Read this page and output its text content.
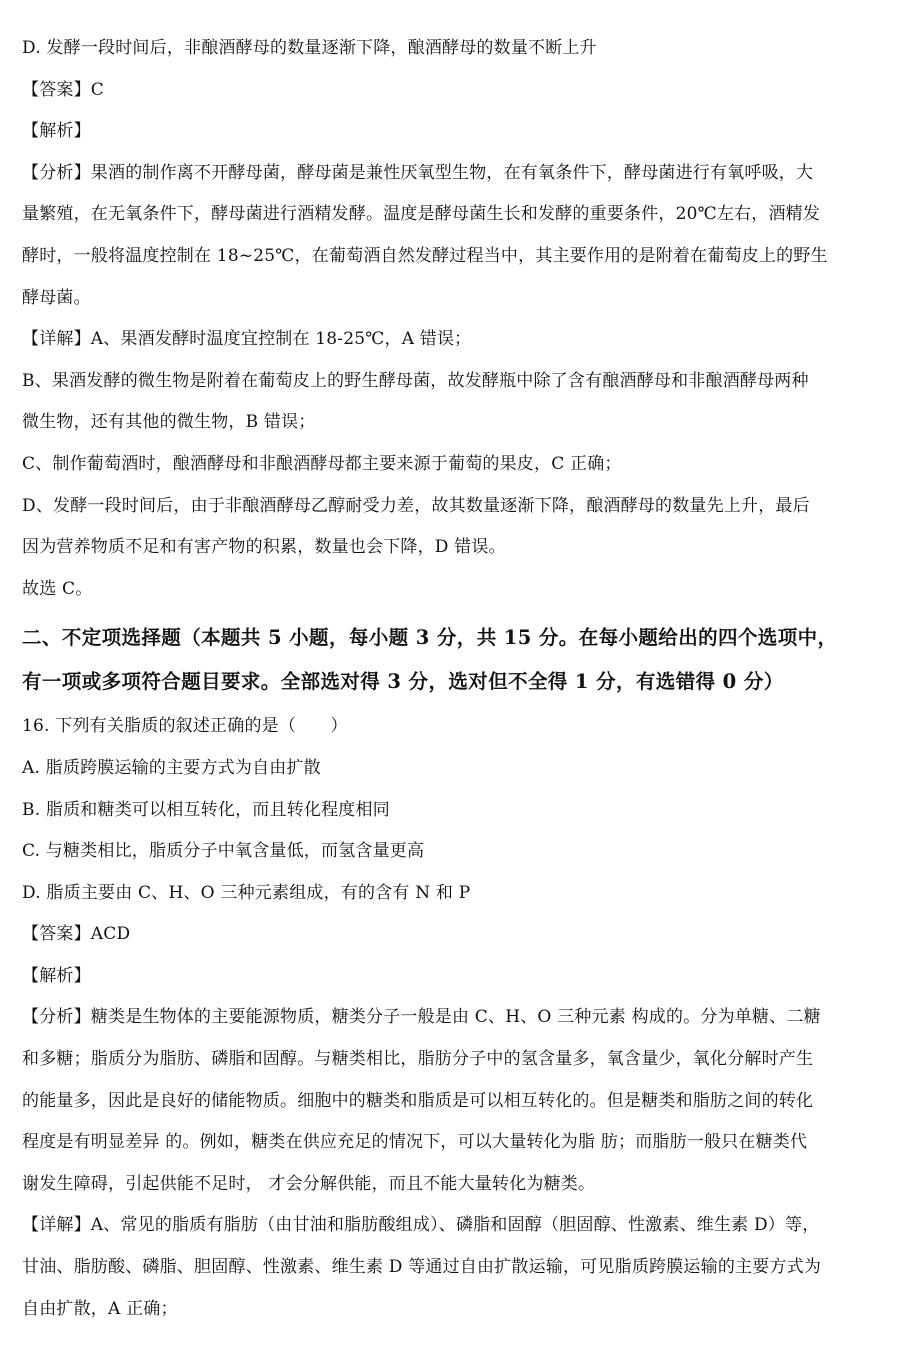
D. 发酵一段时间后，非酿酒酵母的数量逐渐下降，酿酒酵母的数量不断上升
【答案】C
【解析】
【分析】果酒的制作离不开酵母菌，酵母菌是兼性厌氧型生物，在有氧条件下，酵母菌进行有氧呼吸，大
量繁殖，在无氧条件下，酵母菌进行酒精发酵。温度是酵母菌生长和发酵的重要条件，20℃左右，酒精发
酵时，一般将温度控制在 18~25℃，在葡萄酒自然发酵过程当中，其主要作用的是附着在葡萄皮上的野生
酵母菌。
【详解】A、果酒发酵时温度宜控制在 18-25℃，A 错误；
B、果酒发酵的微生物是附着在葡萄皮上的野生酵母菌，故发酵瓶中除了含有酿酒酵母和非酿酒酵母两种
微生物，还有其他的微生物，B 错误；
C、制作葡萄酒时，酿酒酵母和非酿酒酵母都主要来源于葡萄的果皮，C 正确；
D、发酵一段时间后，由于非酿酒酵母乙醇耐受力差，故其数量逐渐下降，酿酒酵母的数量先上升，最后
因为营养物质不足和有害产物的积累，数量也会下降，D 错误。
故选 C。
二、不定项选择题（本题共 5 小题，每小题 3 分，共 15 分。在每小题给出的四个选项中，
有一项或多项符合题目要求。全部选对得 3 分，选对但不全得 1 分，有选错得 0 分）
16. 下列有关脂质的叙述正确的是（　　）
A. 脂质跨膜运输的主要方式为自由扩散
B. 脂质和糖类可以相互转化，而且转化程度相同
C. 与糖类相比，脂质分子中氧含量低，而氢含量更高
D. 脂质主要由 C、H、O 三种元素组成，有的含有 N 和 P
【答案】ACD
【解析】
【分析】糖类是生物体的主要能源物质，糖类分子一般是由 C、H、O 三种元素 构成的。分为单糖、二糖
和多糖；脂质分为脂肪、磷脂和固醇。与糖类相比，脂肪分子中的氢含量多，氧含量少，氧化分解时产生
的能量多，因此是良好的储能物质。细胞中的糖类和脂质是可以相互转化的。但是糖类和脂肪之间的转化
程度是有明显差异 的。例如，糖类在供应充足的情况下，可以大量转化为脂 肪；而脂肪一般只在糖类代
谢发生障碍，引起供能不足时， 才会分解供能，而且不能大量转化为糖类。
【详解】A、常见的脂质有脂肪（由甘油和脂肪酸组成）、磷脂和固醇（胆固醇、性激素、维生素 D）等，
甘油、脂肪酸、磷脂、胆固醇、性激素、维生素 D 等通过自由扩散运输，可见脂质跨膜运输的主要方式为
自由扩散，A 正确；
